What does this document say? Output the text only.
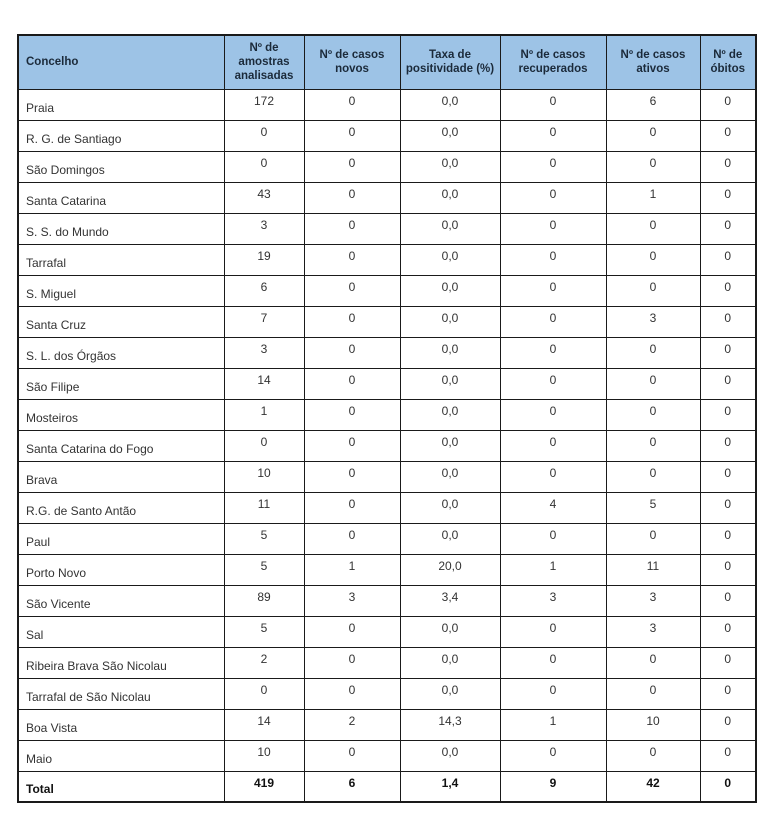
Concelho	Nº de amostras analisadas	Nº de casos novos	Taxa de positividade (%)	Nº de casos recuperados	Nº de casos ativos	Nº de óbitos
Praia	172	0	0,0	0	6	0
R. G. de Santiago	0	0	0,0	0	0	0
São Domingos	0	0	0,0	0	0	0
Santa Catarina	43	0	0,0	0	1	0
S. S. do Mundo	3	0	0,0	0	0	0
Tarrafal	19	0	0,0	0	0	0
S. Miguel	6	0	0,0	0	0	0
Santa Cruz	7	0	0,0	0	3	0
S. L. dos Órgãos	3	0	0,0	0	0	0
São Filipe	14	0	0,0	0	0	0
Mosteiros	1	0	0,0	0	0	0
Santa Catarina do Fogo	0	0	0,0	0	0	0
Brava	10	0	0,0	0	0	0
R.G. de Santo Antão	11	0	0,0	4	5	0
Paul	5	0	0,0	0	0	0
Porto Novo	5	1	20,0	1	11	0
São Vicente	89	3	3,4	3	3	0
Sal	5	0	0,0	0	3	0
Ribeira Brava São Nicolau	2	0	0,0	0	0	0
Tarrafal de São Nicolau	0	0	0,0	0	0	0
Boa Vista	14	2	14,3	1	10	0
Maio	10	0	0,0	0	0	0
Total	419	6	1,4	9	42	0
